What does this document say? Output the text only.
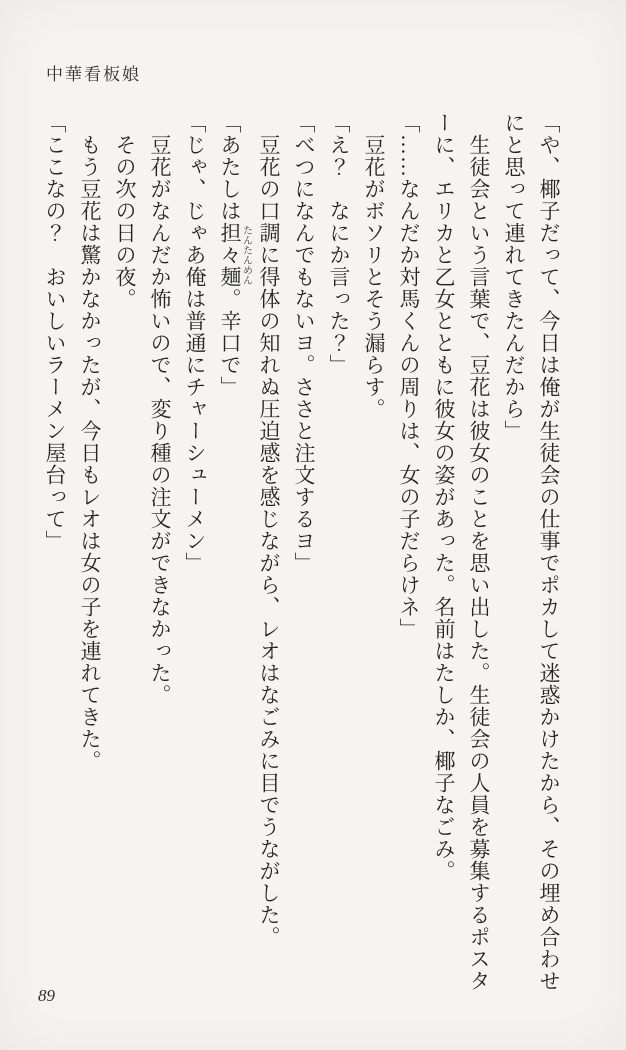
中華看板娘
「や、椰子だって、今日は俺が生徒会の仕事でポカして迷惑かけたから、その埋め合わせ
にと思って連れてきたんだから」
　生徒会という言葉で、豆花は彼女のことを思い出した。生徒会の人員を募集するポスタ
ーに、エリカと乙女とともに彼女の姿があった。名前はたしか、椰子なごみ。
「……なんだか対馬くんの周りは、女の子だらけネ」
　豆花がボソリとそう漏らす。
「え？　なにか言った？」
「べつになんでもないヨ。ささと注文するヨ」
　豆花の口調に得体の知れぬ圧迫感を感じながら、レオはなごみに目でうながした。
「あたしは担々麺たんたんめん。辛口で」
「じゃ、じゃあ俺は普通にチャーシューメン」
　豆花がなんだか怖いので、変り種の注文ができなかった。
　その次の日の夜。
　もう豆花は驚かなかったが、今日もレオは女の子を連れてきた。
「ここなの？　おいしいラーメン屋台って」
89
